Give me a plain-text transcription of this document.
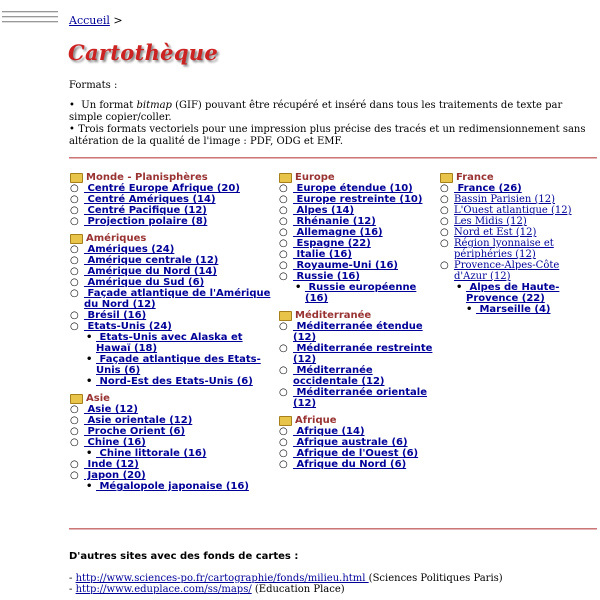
Accueil >
Cartothèque

Formats :

•  Un format bitmap (GIF) pouvant être récupéré et inséré dans tous les traitements de texte par simple copier/coller.

• Trois formats vectoriels pour une impression plus précise des tracés et un redimensionnement sans altération de la qualité de l'image : PDF, ODG et EMF.

Monde - Planisphères
○ Centré Europe Afrique (20)
○ Centré Amériques (14)
○ Centré Pacifique (12)
○ Projection polaire (8)
Amériques
○ Amériques (24)
○ Amérique centrale (12)
○ Amérique du Nord (14)
○ Amérique du Sud (6)
○ Façade atlantique de l'Amérique du Nord (12)
○ Brésil (16)
○ Etats-Unis (24)
• Etats-Unis avec Alaska et Hawaï (18)
• Façade atlantique des Etats-Unis (6)
• Nord-Est des Etats-Unis (6)
Asie
○ Asie (12)
○ Asie orientale (12)
○ Proche Orient (6)
○ Chine (16)
• Chine littorale (16)
○ Inde (12)
○ Japon (20)
• Mégalopole japonaise (16)
Europe
○ Europe étendue (10)
○ Europe restreinte (10)
○ Alpes (14)
○ Rhénanie (12)
○ Allemagne (16)
○ Espagne (22)
○ Italie (16)
○ Royaume-Uni (16)
○ Russie (16)
• Russie européenne (16)
Méditerranée
○ Méditerranée étendue (12)
○ Méditerranée restreinte (12)
○ Méditerranée occidentale (12)
○ Méditerranée orientale (12)
Afrique
○ Afrique (14)
○ Afrique australe (6)
○ Afrique de l'Ouest (6)
○ Afrique du Nord (6)
France
○ France (26)
○ Bassin Parisien (12)
○ L'Ouest atlantique (12)
○ Les Midis (12)
○ Nord et Est (12)
○ Région lyonnaise et périphéries (12)
○ Provence-Alpes-Côte d'Azur (12)
• Alpes de Haute-Provence (22)
• Marseille (4)
D'autres sites avec des fonds de cartes :
- http://www.sciences-po.fr/cartographie/fonds/milieu.html (Sciences Politiques Paris)
- http://www.eduplace.com/ss/maps/ (Education Place)
